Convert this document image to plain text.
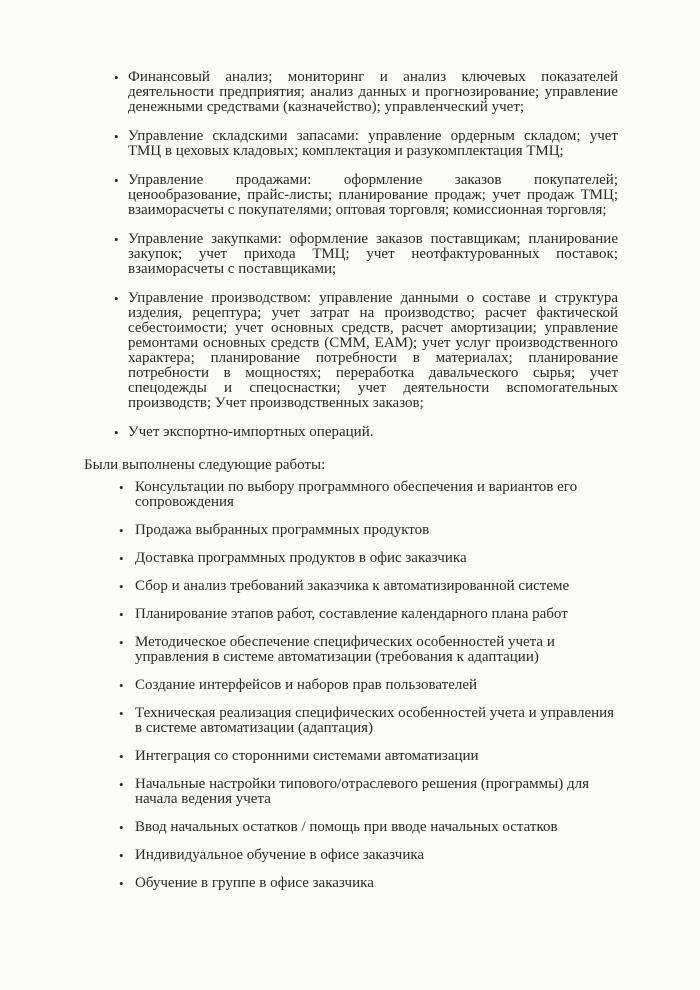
• Финансовый анализ; мониторинг и анализ ключевых показателей деятельности предприятия; анализ данных и прогнозирование; управление денежными средствами (казначейство); управленческий учет;
• Управление складскими запасами: управление ордерным складом; учет ТМЦ в цеховых кладовых; комплектация и разукомплектация ТМЦ;
• Управление продажами: оформление заказов покупателей; ценообразование, прайс-листы; планирование продаж; учет продаж ТМЦ; взаиморасчеты с покупателями; оптовая торговля; комиссионная торговля;
• Управление закупками: оформление заказов поставщикам; планирование закупок; учет прихода ТМЦ; учет неотфактурованных поставок; взаиморасчеты с поставщиками;
• Управление производством: управление данными о составе и структура изделия, рецептура; учет затрат на производство; расчет фактической себестоимости; учет основных средств, расчет амортизации; управление ремонтами основных средств (СММ, ЕАМ); учет услуг производственного характера; планирование потребности в материалах; планирование потребности в мощностях; переработка давальческого сырья; учет спецодежды и спецоснастки; учет деятельности вспомогательных производств; Учет производственных заказов;
• Учет экспортно-импортных операций.

Были выполнены следующие работы:

• Консультации по выбору программного обеспечения и вариантов его сопровождения
• Продажа выбранных программных продуктов
• Доставка программных продуктов в офис заказчика
• Сбор и анализ требований заказчика к автоматизированной системе
• Планирование этапов работ, составление календарного плана работ
• Методическое обеспечение специфических особенностей учета и управления в системе автоматизации (требования к адаптации)
• Создание интерфейсов и наборов прав пользователей
• Техническая реализация специфических особенностей учета и управления в системе автоматизации (адаптация)
• Интеграция со сторонними системами автоматизации
• Начальные настройки типового/отраслевого решения (программы) для начала ведения учета
• Ввод начальных остатков / помощь при вводе начальных остатков
• Индивидуальное обучение в офисе заказчика
• Обучение в группе в офисе заказчика
